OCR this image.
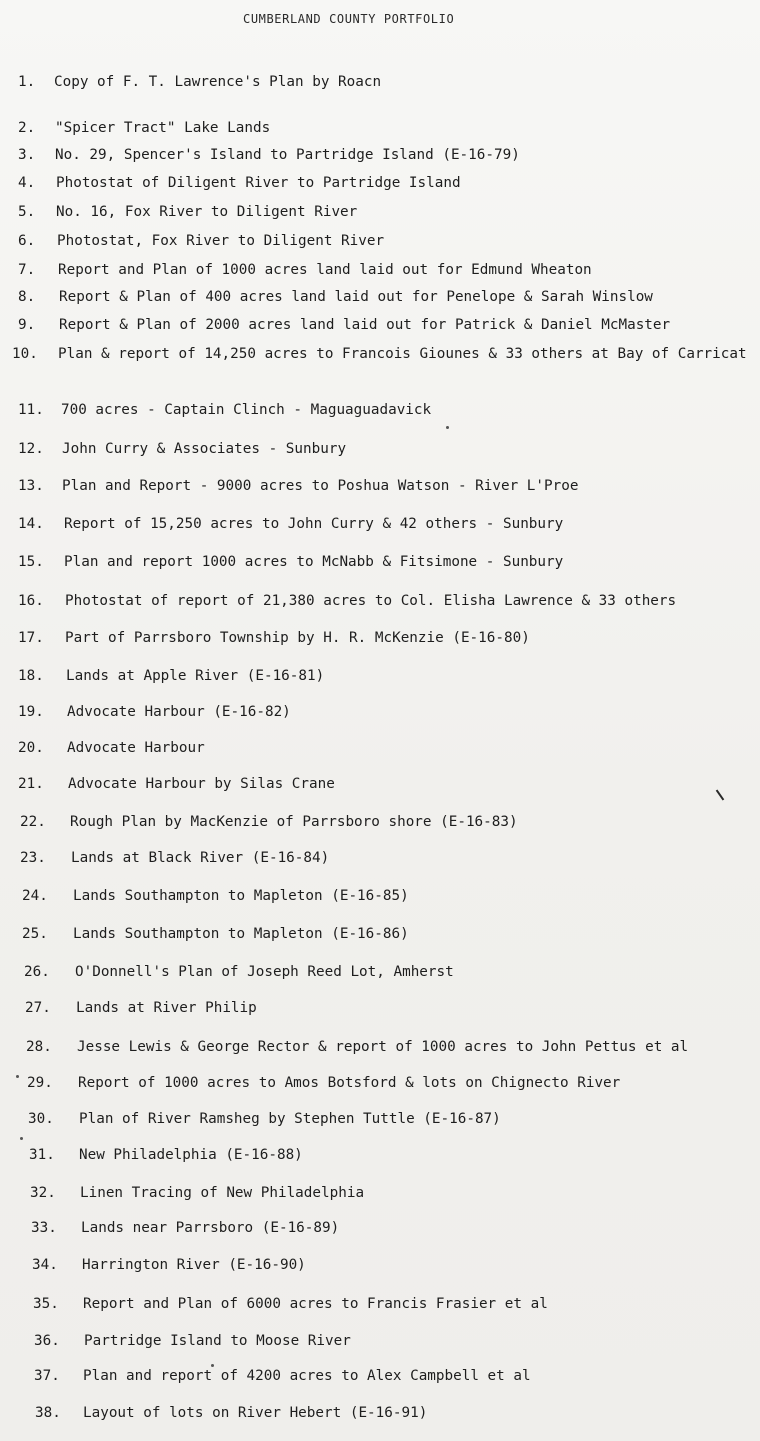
CUMBERLAND COUNTY PORTFOLIO
1. Copy of F. T. Lawrence's Plan by Roacn
2. "Spicer Tract" Lake Lands
3. No. 29, Spencer's Island to Partridge Island (E-16-79)
4. Photostat of Diligent River to Partridge Island
5. No. 16, Fox River to Diligent River
6. Photostat, Fox River to Diligent River
7. Report and Plan of 1000 acres land laid out for Edmund Wheaton
8. Report & Plan of 400 acres land laid out for Penelope & Sarah Winslow
9. Report & Plan of 2000 acres land laid out for Patrick & Daniel McMaster
10. Plan & report of 14,250 acres to Francois Giounes & 33 others at Bay of Carricat
11. 700 acres - Captain Clinch - Maguaguadavick
12. John Curry & Associates - Sunbury
13. Plan and Report - 9000 acres to Poshua Watson - River L'Proe
14. Report of 15,250 acres to John Curry & 42 others - Sunbury
15. Plan and report 1000 acres to McNabb & Fitsimone - Sunbury
16. Photostat of report of 21,380 acres to Col. Elisha Lawrence & 33 others
17. Part of Parrsboro Township by H. R. McKenzie (E-16-80)
18. Lands at Apple River (E-16-81)
19. Advocate Harbour (E-16-82)
20. Advocate Harbour
21. Advocate Harbour by Silas Crane
22. Rough Plan by MacKenzie of Parrsboro shore (E-16-83)
23. Lands at Black River (E-16-84)
24. Lands Southampton to Mapleton (E-16-85)
25. Lands Southampton to Mapleton (E-16-86)
26. O'Donnell's Plan of Joseph Reed Lot, Amherst
27. Lands at River Philip
28. Jesse Lewis & George Rector & report of 1000 acres to John Pettus et al
29. Report of 1000 acres to Amos Botsford & lots on Chignecto River
30. Plan of River Ramsheg by Stephen Tuttle (E-16-87)
31. New Philadelphia (E-16-88)
32. Linen Tracing of New Philadelphia
33. Lands near Parrsboro (E-16-89)
34. Harrington River (E-16-90)
35. Report and Plan of 6000 acres to Francis Frasier et al
36. Partridge Island to Moose River
37. Plan and report of 4200 acres to Alex Campbell et al
38. Layout of lots on River Hebert (E-16-91)
